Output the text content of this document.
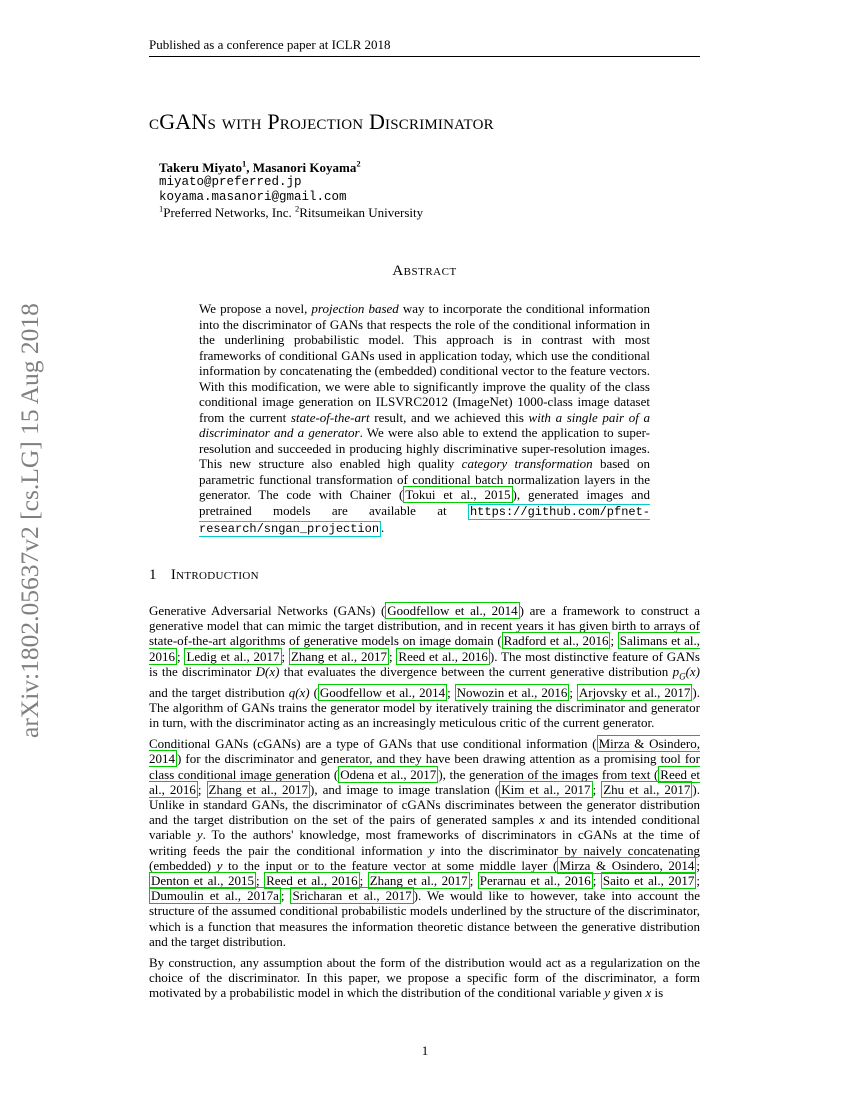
Published as a conference paper at ICLR 2018
arXiv:1802.05637v2 [cs.LG] 15 Aug 2018
cGANs with Projection Discriminator
Takeru Miyato$^1$, Masanori Koyama$^2$
miyato@preferred.jp
koyama.masanori@gmail.com
$^1$Preferred Networks, Inc. $^2$Ritsumeikan University
Abstract
We propose a novel, projection based way to incorporate the conditional information into the discriminator of GANs that respects the role of the conditional information in the underlining probabilistic model. This approach is in contrast with most frameworks of conditional GANs used in application today, which use the conditional information by concatenating the (embedded) conditional vector to the feature vectors. With this modification, we were able to significantly improve the quality of the class conditional image generation on ILSVRC2012 (ImageNet) 1000-class image dataset from the current state-of-the-art result, and we achieved this with a single pair of a discriminator and a generator. We were also able to extend the application to super-resolution and succeeded in producing highly discriminative super-resolution images. This new structure also enabled high quality category transformation based on parametric functional transformation of conditional batch normalization layers in the generator. The code with Chainer ( Tokui et al., 2015 ), generated images and pretrained models are available at https://github.com/pfnet-research/sngan_projection .
1 Introduction

Generative Adversarial Networks (GANs) ( Goodfellow et al., 2014 ) are a framework to construct a generative model that can mimic the target distribution, and in recent years it has given birth to arrays of state-of-the-art algorithms of generative models on image domain ( Radford et al., 2016 ; Salimans et al., 2016 ; Ledig et al., 2017 ; Zhang et al., 2017 ; Reed et al., 2016 ). The most distinctive feature of GANs is the discriminator D(x) that evaluates the divergence between the current generative distribution $p_G(x)$ and the target distribution q(x) ( Goodfellow et al., 2014 ; Nowozin et al., 2016 ; Arjovsky et al., 2017 ). The algorithm of GANs trains the generator model by iteratively training the discriminator and generator in turn, with the discriminator acting as an increasingly meticulous critic of the current generator.

Conditional GANs (cGANs) are a type of GANs that use conditional information ( Mirza & Osindero, 2014 ) for the discriminator and generator, and they have been drawing attention as a promising tool for class conditional image generation ( Odena et al., 2017 ), the generation of the images from text ( Reed et al., 2016 ; Zhang et al., 2017 ), and image to image translation ( Kim et al., 2017 ; Zhu et al., 2017 ). Unlike in standard GANs, the discriminator of cGANs discriminates between the generator distribution and the target distribution on the set of the pairs of generated samples x and its intended conditional variable y. To the authors' knowledge, most frameworks of discriminators in cGANs at the time of writing feeds the pair the conditional information y into the discriminator by naively concatenating (embedded) y to the input or to the feature vector at some middle layer ( Mirza & Osindero, 2014 ; Denton et al., 2015 ; Reed et al., 2016 ; Zhang et al., 2017 ; Perarnau et al., 2016 ; Saito et al., 2017 ; Dumoulin et al., 2017a ; Sricharan et al., 2017 ). We would like to however, take into account the structure of the assumed conditional probabilistic models underlined by the structure of the discriminator, which is a function that measures the information theoretic distance between the generative distribution and the target distribution.

By construction, any assumption about the form of the distribution would act as a regularization on the choice of the discriminator. In this paper, we propose a specific form of the discriminator, a form motivated by a probabilistic model in which the distribution of the conditional variable y given x is

1
